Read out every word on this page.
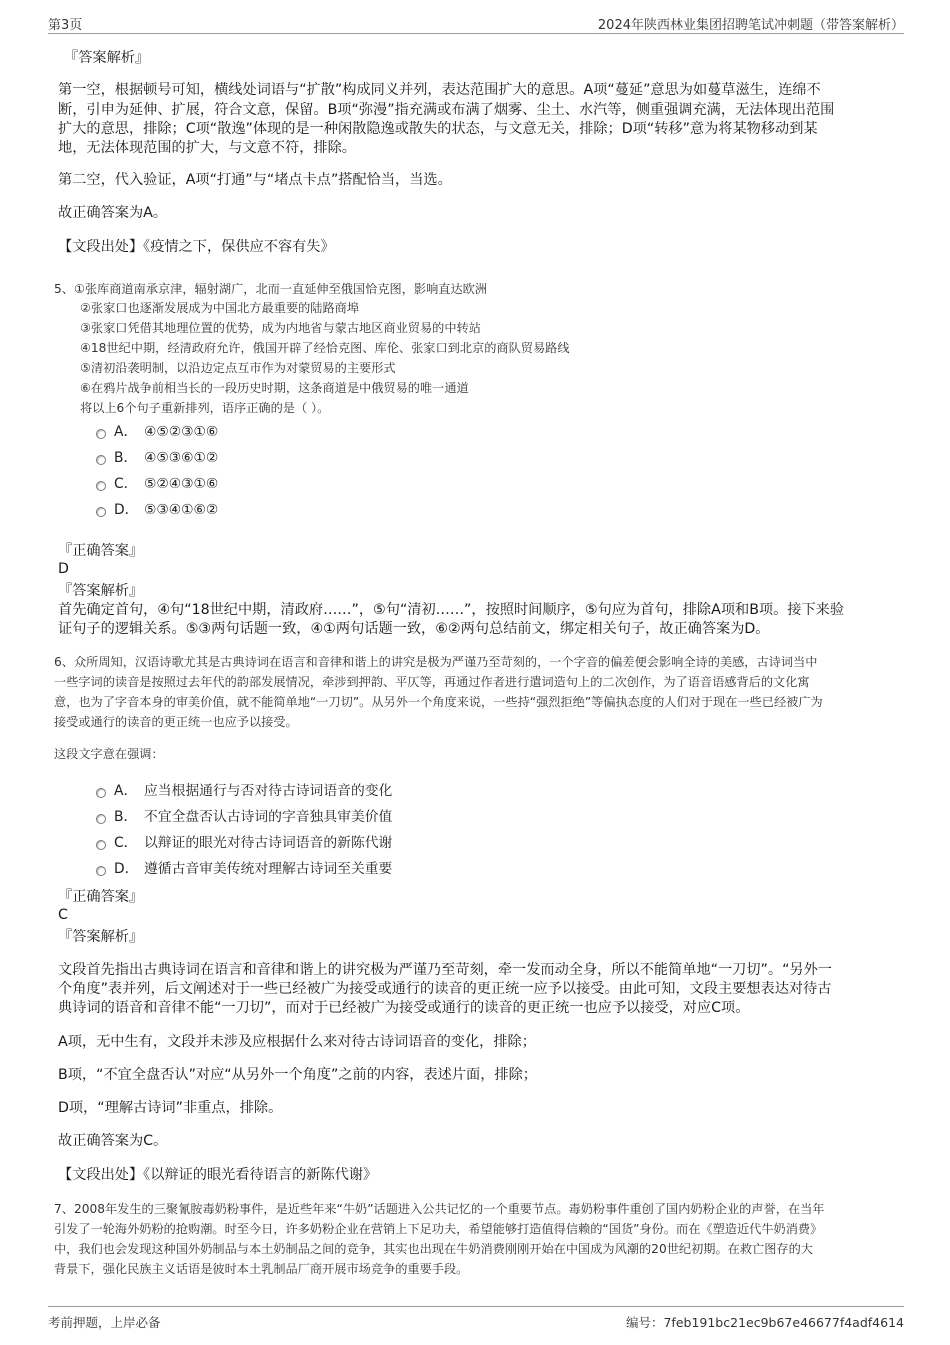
第3页	2024年陕西林业集团招聘笔试冲刺题（带答案解析）
『答案解析』
第一空，根据顿号可知，横线处词语与“扩散”构成同义并列，表达范围扩大的意思。A项“蔓延”意思为如蔓草滋生，连绵不
断，引申为延伸、扩展，符合文意，保留。B项“弥漫”指充满或布满了烟雾、尘土、水汽等，侧重强调充满，无法体现出范围
扩大的意思，排除；C项“散逸”体现的是一种闲散隐逸或散失的状态，与文意无关，排除；D项“转移”意为将某物移动到某
地，无法体现范围的扩大，与文意不符，排除。
第二空，代入验证，A项“打通”与“堵点卡点”搭配恰当，当选。
故正确答案为A。
【文段出处】《疫情之下，保供应不容有失》
5、①张库商道南承京津，辐射湖广，北而一直延伸至俄国恰克图，影响直达欧洲
②张家口也逐渐发展成为中国北方最重要的陆路商埠
③张家口凭借其地理位置的优势，成为内地省与蒙古地区商业贸易的中转站
④18世纪中期，经清政府允许，俄国开辟了经恰克图、库伦、张家口到北京的商队贸易路线
⑤清初沿袭明制，以沿边定点互市作为对蒙贸易的主要形式
⑥在鸦片战争前相当长的一段历史时期，这条商道是中俄贸易的唯一通道
将以上6个句子重新排列，语序正确的是（ ）。
A． ④⑤②③①⑥
B． ④⑤③⑥①②
C． ⑤②④③①⑥
D． ⑤③④①⑥②
『正确答案』
D
『答案解析』
首先确定首句，④句“18世纪中期，清政府……”，⑤句“清初……”，按照时间顺序，⑤句应为首句，排除A项和B项。接下来验
证句子的逻辑关系。⑤③两句话题一致，④①两句话题一致，⑥②两句总结前文，绑定相关句子，故正确答案为D。
6、众所周知，汉语诗歌尤其是古典诗词在语言和音律和谐上的讲究是极为严谨乃至苛刻的，一个字音的偏差便会影响全诗的美感，古诗词当中
一些字词的读音是按照过去年代的韵部发展情况，牵涉到押韵、平仄等，再通过作者进行遣词造句上的二次创作，为了语音语感背后的文化寓
意，也为了字音本身的审美价值，就不能简单地“一刀切”。从另外一个角度来说，一些持“强烈拒绝”等偏执态度的人们对于现在一些已经被广为
接受或通行的读音的更正统一也应予以接受。
这段文字意在强调：
A． 应当根据通行与否对待古诗词语音的变化
B． 不宜全盘否认古诗词的字音独具审美价值
C． 以辩证的眼光对待古诗词语音的新陈代谢
D． 遵循古音审美传统对理解古诗词至关重要
『正确答案』
C
『答案解析』
文段首先指出古典诗词在语言和音律和谐上的讲究极为严谨乃至苛刻，牵一发而动全身，所以不能简单地“一刀切”。“另外一
个角度”表并列，后文阐述对于一些已经被广为接受或通行的读音的更正统一应予以接受。由此可知，文段主要想表达对待古
典诗词的语音和音律不能“一刀切”，而对于已经被广为接受或通行的读音的更正统一也应予以接受，对应C项。
A项，无中生有，文段并未涉及应根据什么来对待古诗词语音的变化，排除；
B项，“不宜全盘否认”对应“从另外一个角度”之前的内容，表述片面，排除；
D项，“理解古诗词”非重点，排除。
故正确答案为C。
【文段出处】《以辩证的眼光看待语言的新陈代谢》
7、2008年发生的三聚氰胺毒奶粉事件，是近些年来“牛奶”话题进入公共记忆的一个重要节点。毒奶粉事件重创了国内奶粉企业的声誉，在当年
引发了一轮海外奶粉的抢购潮。时至今日，许多奶粉企业在营销上下足功夫，希望能够打造值得信赖的“国货”身份。而在《塑造近代牛奶消费》
中，我们也会发现这种国外奶制品与本土奶制品之间的竞争，其实也出现在牛奶消费刚刚开始在中国成为风潮的20世纪初期。在救亡图存的大
背景下，强化民族主义话语是彼时本土乳制品厂商开展市场竞争的重要手段。
考前押题，上岸必备	编号：7feb191bc21ec9b67e46677f4adf4614
